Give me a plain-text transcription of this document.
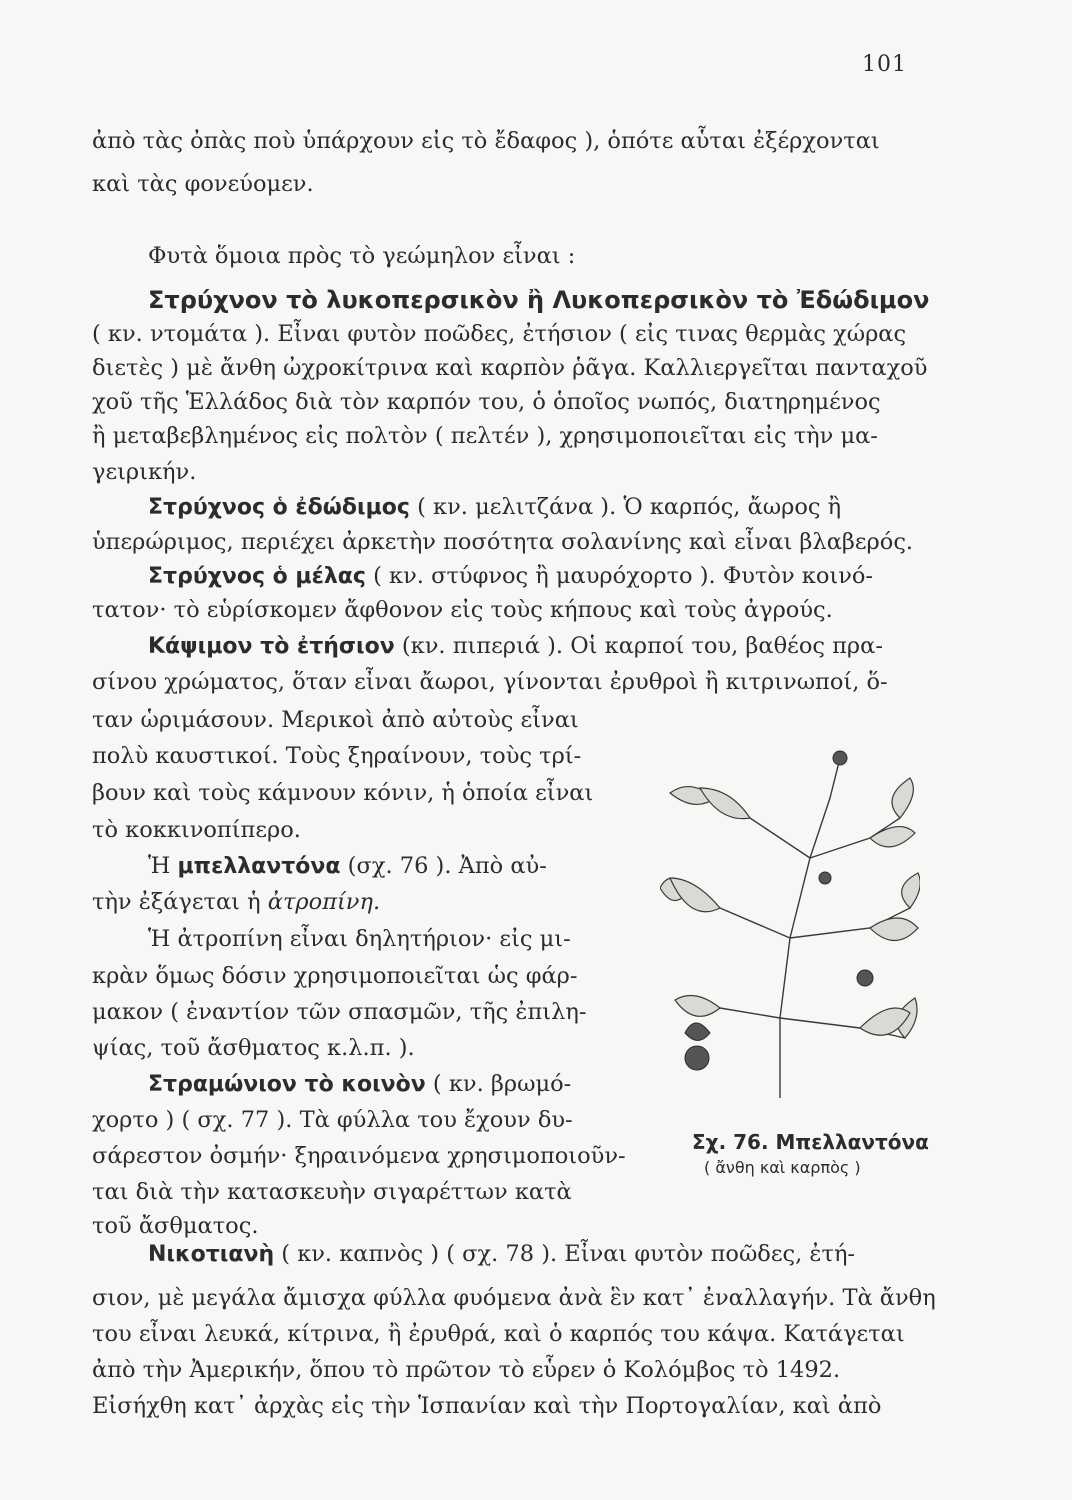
101
ἀπὸ τὰς ὀπὰς ποὺ ὑπάρχουν εἰς τὸ ἔδαφος ), ὁπότε αὗται ἐξέρχονται
καὶ τὰς φονεύομεν.
Φυτὰ ὅμοια πρὸς τὸ γεώμηλον εἶναι :
Στρύχνον τὸ λυκοπερσικὸν ἢ Λυκοπερσικὸν τὸ Ἐδώδιμον
( κν. ντομάτα ). Εἶναι φυτὸν ποῶδες, ἐτήσιον ( εἰς τινας θερμὰς χώρας
διετὲς ) μὲ ἄνθη ὠχροκίτρινα καὶ καρπὸν ῥᾶγα. Καλλιεργεῖται πανταχοῦ
χοῦ τῆς Ἑλλάδος διὰ τὸν καρπόν του, ὁ ὁποῖος νωπός, διατηρημένος
ἢ μεταβεβλημένος εἰς πολτὸν ( πελτέν ), χρησιμοποιεῖται εἰς τὴν μα-
γειρικήν.
Στρύχνος ὁ ἐδώδιμος ( κν. μελιτζάνα ). Ὁ καρπός, ἄωρος ἢ
ὑπερώριμος, περιέχει ἀρκετὴν ποσότητα σολανίνης καὶ εἶναι βλαβερός.
Στρύχνος ὁ μέλας ( κν. στύφνος ἢ μαυρόχορτο ). Φυτὸν κοινό-
τατον· τὸ εὑρίσκομεν ἄφθονον εἰς τοὺς κήπους καὶ τοὺς ἀγρούς.
Κάψιμον τὸ ἐτήσιον (κν. πιπεριά ). Οἱ καρποί του, βαθέος πρα-
σίνου χρώματος, ὅταν εἶναι ἄωροι, γίνονται ἐρυθροὶ ἢ κιτρινωποί, ὅ-
ταν ὡριμάσουν. Μερικοὶ ἀπὸ αὐτοὺς εἶναι
πολὺ καυστικοί. Τοὺς ξηραίνουν, τοὺς τρί-
βουν καὶ τοὺς κάμνουν κόνιν, ἡ ὁποία εἶναι
τὸ κοκκινοπίπερο.
Ἡ μπελλαντόνα (σχ. 76 ). Ἀπὸ αὐ-
τὴν ἐξάγεται ἡ ἀτροπίνη.
Ἡ ἀτροπίνη εἶναι δηλητήριον· εἰς μι-
κρὰν ὅμως δόσιν χρησιμοποιεῖται ὡς φάρ-
μακον ( ἐναντίον τῶν σπασμῶν, τῆς ἐπιλη-
ψίας, τοῦ ἄσθματος κ.λ.π. ).
Στραμώνιον τὸ κοινὸν ( κν. βρωμό-
χορτο ) ( σχ. 77 ). Τὰ φύλλα του ἔχουν δυ-
σάρεστον ὀσμήν· ξηραινόμενα χρησιμοποιοῦν-
ται διὰ τὴν κατασκευὴν σιγαρέττων κατὰ
τοῦ ἄσθματος.
Νικοτιανὴ ( κν. καπνὸς ) ( σχ. 78 ). Εἶναι φυτὸν ποῶδες, ἐτή-
σιον, μὲ μεγάλα ἄμισχα φύλλα φυόμενα ἀνὰ ἓν κατ᾽ ἐναλλαγήν. Τὰ ἄνθη
του εἶναι λευκά, κίτρινα, ἢ ἐρυθρά, καὶ ὁ καρπός του κάψα. Κατάγεται
ἀπὸ τὴν Ἀμερικήν, ὅπου τὸ πρῶτον τὸ εὗρεν ὁ Κολόμβος τὸ 1492.
Εἰσήχθη κατ᾽ ἀρχὰς εἰς τὴν Ἱσπανίαν καὶ τὴν Πορτογαλίαν, καὶ ἀπὸ
Σχ. 76. Μπελλαντόνα
( ἄνθη καὶ καρπὸς )
